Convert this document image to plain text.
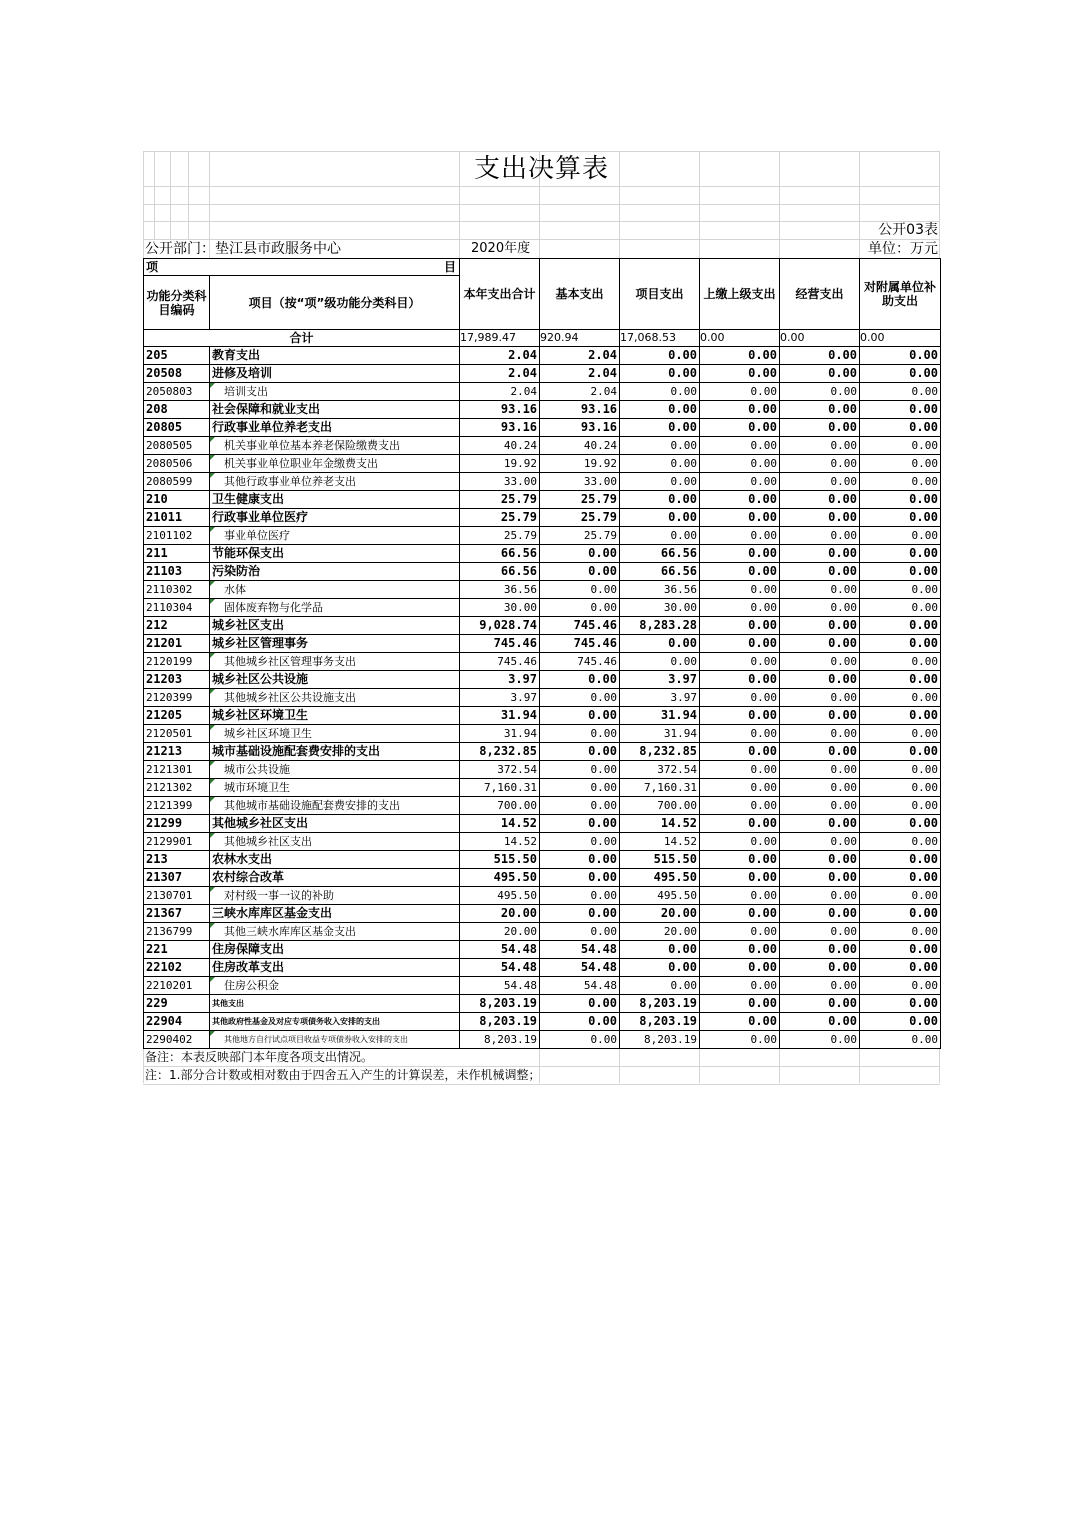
支出决算表
公开03表
公开部门：垫江县市政服务中心	2020年度	单位：万元
项 目		本年支出合计	基本支出	项目支出	上缴上级支出	经营支出	对附属单位补助支出
功能分类科目编码	项目（按“项”级功能分类科目）						
合计		17,989.47	920.94	17,068.53	0.00	0.00	0.00
205	教育支出	2.04	2.04	0.00	0.00	0.00	0.00
20508	进修及培训	2.04	2.04	0.00	0.00	0.00	0.00
2050803	培训支出	2.04	2.04	0.00	0.00	0.00	0.00
208	社会保障和就业支出	93.16	93.16	0.00	0.00	0.00	0.00
20805	行政事业单位养老支出	93.16	93.16	0.00	0.00	0.00	0.00
2080505	机关事业单位基本养老保险缴费支出	40.24	40.24	0.00	0.00	0.00	0.00
2080506	机关事业单位职业年金缴费支出	19.92	19.92	0.00	0.00	0.00	0.00
2080599	其他行政事业单位养老支出	33.00	33.00	0.00	0.00	0.00	0.00
210	卫生健康支出	25.79	25.79	0.00	0.00	0.00	0.00
21011	行政事业单位医疗	25.79	25.79	0.00	0.00	0.00	0.00
2101102	事业单位医疗	25.79	25.79	0.00	0.00	0.00	0.00
211	节能环保支出	66.56	0.00	66.56	0.00	0.00	0.00
21103	污染防治	66.56	0.00	66.56	0.00	0.00	0.00
2110302	水体	36.56	0.00	36.56	0.00	0.00	0.00
2110304	固体废弃物与化学品	30.00	0.00	30.00	0.00	0.00	0.00
212	城乡社区支出	9,028.74	745.46	8,283.28	0.00	0.00	0.00
21201	城乡社区管理事务	745.46	745.46	0.00	0.00	0.00	0.00
2120199	其他城乡社区管理事务支出	745.46	745.46	0.00	0.00	0.00	0.00
21203	城乡社区公共设施	3.97	0.00	3.97	0.00	0.00	0.00
2120399	其他城乡社区公共设施支出	3.97	0.00	3.97	0.00	0.00	0.00
21205	城乡社区环境卫生	31.94	0.00	31.94	0.00	0.00	0.00
2120501	城乡社区环境卫生	31.94	0.00	31.94	0.00	0.00	0.00
21213	城市基础设施配套费安排的支出	8,232.85	0.00	8,232.85	0.00	0.00	0.00
2121301	城市公共设施	372.54	0.00	372.54	0.00	0.00	0.00
2121302	城市环境卫生	7,160.31	0.00	7,160.31	0.00	0.00	0.00
2121399	其他城市基础设施配套费安排的支出	700.00	0.00	700.00	0.00	0.00	0.00
21299	其他城乡社区支出	14.52	0.00	14.52	0.00	0.00	0.00
2129901	其他城乡社区支出	14.52	0.00	14.52	0.00	0.00	0.00
213	农林水支出	515.50	0.00	515.50	0.00	0.00	0.00
21307	农村综合改革	495.50	0.00	495.50	0.00	0.00	0.00
2130701	对村级一事一议的补助	495.50	0.00	495.50	0.00	0.00	0.00
21367	三峡水库库区基金支出	20.00	0.00	20.00	0.00	0.00	0.00
2136799	其他三峡水库库区基金支出	20.00	0.00	20.00	0.00	0.00	0.00
221	住房保障支出	54.48	54.48	0.00	0.00	0.00	0.00
22102	住房改革支出	54.48	54.48	0.00	0.00	0.00	0.00
2210201	住房公积金	54.48	54.48	0.00	0.00	0.00	0.00
229	其他支出	8,203.19	0.00	8,203.19	0.00	0.00	0.00
22904	其他政府性基金及对应专项债务收入安排的支出	8,203.19	0.00	8,203.19	0.00	0.00	0.00
2290402	其他地方自行试点项目收益专项债券收入安排的支出	8,203.19	0.00	8,203.19	0.00	0.00	0.00
备注：本表反映部门本年度各项支出情况。
注：1.部分合计数或相对数由于四舍五入产生的计算误差，未作机械调整；
